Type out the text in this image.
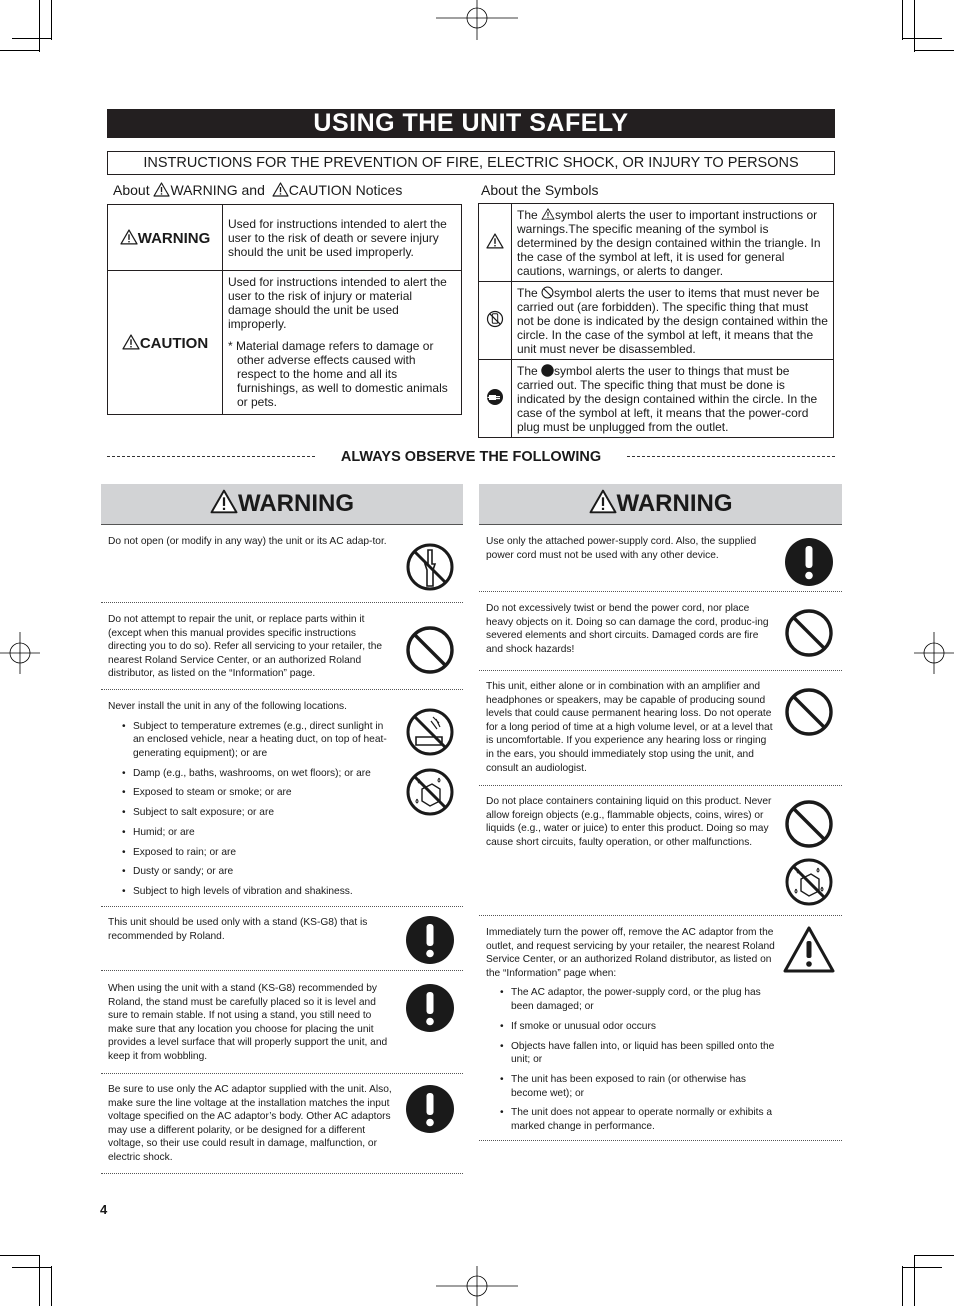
USING THE UNIT SAFELY
INSTRUCTIONS FOR THE PREVENTION OF FIRE, ELECTRIC SHOCK, OR INJURY TO PERSONS
About WARNING and CAUTION Notices
WARNING	Used for instructions intended to alert the user to the risk of death or severe injury should the unit be used improperly.
CAUTION	Used for instructions intended to alert the user to the risk of injury or material damage should the unit be used improperly.
* Material damage refers to damage or other adverse effects caused with respect to the home and all its furnishings, as well to domestic animals or pets.
About the Symbols
	The symbol alerts the user to important instructions or warnings.The specific meaning of the symbol is determined by the design contained within the triangle. In the case of the symbol at left, it is used for general cautions, warnings, or alerts to danger.
	The symbol alerts the user to items that must never be carried out (are forbidden). The specific thing that must not be done is indicated by the design contained within the circle. In the case of the symbol at left, it means that the unit must never be disassembled.
	The symbol alerts the user to things that must be carried out. The specific thing that must be done is indicated by the design contained within the circle. In the case of the symbol at left, it means that the power-cord plug must be unplugged from the outlet.
ALWAYS OBSERVE THE FOLLOWING
WARNING	WARNING
Do not open (or modify in any way) the unit or its AC adap-tor.
Do not attempt to repair the unit, or replace parts within it (except when this manual provides specific instructions directing you to do so). Refer all servicing to your retailer, the nearest Roland Service Center, or an authorized Roland distributor, as listed on the “Information” page.
Never install the unit in any of the following locations.
• Subject to temperature extremes (e.g., direct sunlight in an enclosed vehicle, near a heating duct, on top of heat-generating equipment); or are
• Damp (e.g., baths, washrooms, on wet floors); or are
• Exposed to steam or smoke; or are
• Subject to salt exposure; or are
• Humid; or are
• Exposed to rain; or are
• Dusty or sandy; or are
• Subject to high levels of vibration and shakiness.
This unit should be used only with a stand (KS-G8) that is recommended by Roland.
When using the unit with a stand (KS-G8) recommended by Roland, the stand must be carefully placed so it is level and sure to remain stable. If not using a stand, you still need to make sure that any location you choose for placing the unit provides a level surface that will properly support the unit, and keep it from wobbling.
Be sure to use only the AC adaptor supplied with the unit. Also, make sure the line voltage at the installation matches the input voltage specified on the AC adaptor’s body. Other AC adaptors may use a different polarity, or be designed for a different voltage, so their use could result in damage, malfunction, or electric shock.
Use only the attached power-supply cord. Also, the supplied power cord must not be used with any other device.
Do not excessively twist or bend the power cord, nor place heavy objects on it. Doing so can damage the cord, produc-ing severed elements and short circuits. Damaged cords are fire and shock hazards!
This unit, either alone or in combination with an amplifier and headphones or speakers, may be capable of producing sound levels that could cause permanent hearing loss. Do not operate for a long period of time at a high volume level, or at a level that is uncomfortable. If you experience any hearing loss or ringing in the ears, you should immediately stop using the unit, and consult an audiologist.
Do not place containers containing liquid on this product. Never allow foreign objects (e.g., flammable objects, coins, wires) or liquids (e.g., water or juice) to enter this product. Doing so may cause short circuits, faulty operation, or other malfunctions.
Immediately turn the power off, remove the AC adaptor from the outlet, and request servicing by your retailer, the nearest Roland Service Center, or an authorized Roland distributor, as listed on the “Information” page when:
• The AC adaptor, the power-supply cord, or the plug has been damaged; or
• If smoke or unusual odor occurs
• Objects have fallen into, or liquid has been spilled onto the unit; or
• The unit has been exposed to rain (or otherwise has become wet); or
• The unit does not appear to operate normally or exhibits a marked change in performance.
4
